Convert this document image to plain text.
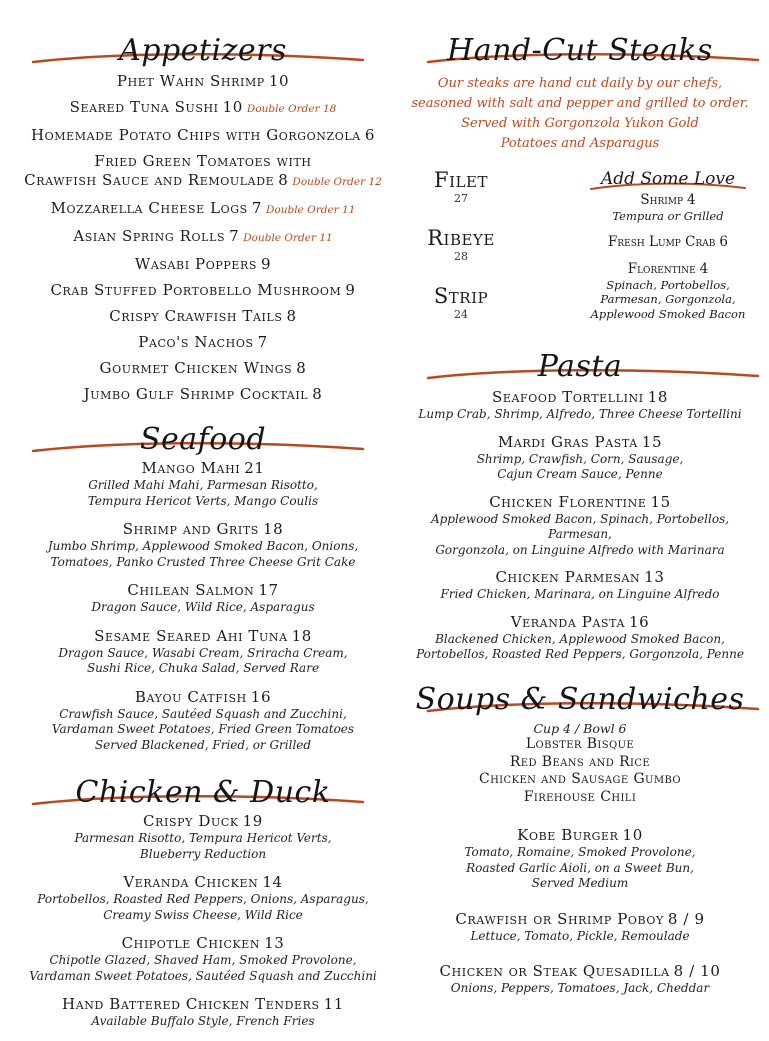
Appetizers
Phet Wahn Shrimp 10
Seared Tuna Sushi 10 Double Order 18
Homemade Potato Chips with Gorgonzola 6
Fried Green Tomatoes with
Crawfish Sauce and Remoulade 8 Double Order 12
Mozzarella Cheese Logs 7 Double Order 11
Asian Spring Rolls 7 Double Order 11
Wasabi Poppers 9
Crab Stuffed Portobello Mushroom 9
Crispy Crawfish Tails 8
Paco's Nachos 7
Gourmet Chicken Wings 8
Jumbo Gulf Shrimp Cocktail 8
Seafood
Mango Mahi 21
Grilled Mahi Mahi, Parmesan Risotto,
Tempura Hericot Verts, Mango Coulis
Shrimp and Grits 18
Jumbo Shrimp, Applewood Smoked Bacon, Onions,
Tomatoes, Panko Crusted Three Cheese Grit Cake
Chilean Salmon 17
Dragon Sauce, Wild Rice, Asparagus
Sesame Seared Ahi Tuna 18
Dragon Sauce, Wasabi Cream, Sriracha Cream,
Sushi Rice, Chuka Salad, Served Rare
Bayou Catfish 16
Crawfish Sauce, Sautéed Squash and Zucchini,
Vardaman Sweet Potatoes, Fried Green Tomatoes
Served Blackened, Fried, or Grilled
Chicken & Duck
Crispy Duck 19
Parmesan Risotto, Tempura Hericot Verts,
Blueberry Reduction
Veranda Chicken 14
Portobellos, Roasted Red Peppers, Onions, Asparagus,
Creamy Swiss Cheese, Wild Rice
Chipotle Chicken 13
Chipotle Glazed, Shaved Ham, Smoked Provolone,
Vardaman Sweet Potatoes, Sautéed Squash and Zucchini
Hand Battered Chicken Tenders 11
Available Buffalo Style, French Fries
Hand-Cut Steaks
Our steaks are hand cut daily by our chefs,
seasoned with salt and pepper and grilled to order.
Served with Gorgonzola Yukon Gold
Potatoes and Asparagus
Filet
27
Ribeye
28
Strip
24
Add Some Love
Shrimp 4
Tempura or Grilled
Fresh Lump Crab 6
Florentine 4
Spinach, Portobellos,
Parmesan, Gorgonzola,
Applewood Smoked Bacon
Pasta
Seafood Tortellini 18
Lump Crab, Shrimp, Alfredo, Three Cheese Tortellini
Mardi Gras Pasta 15
Shrimp, Crawfish, Corn, Sausage,
Cajun Cream Sauce, Penne
Chicken Florentine 15
Applewood Smoked Bacon, Spinach, Portobellos, Parmesan,
Gorgonzola, on Linguine Alfredo with Marinara
Chicken Parmesan 13
Fried Chicken, Marinara, on Linguine Alfredo
Veranda Pasta 16
Blackened Chicken, Applewood Smoked Bacon,
Portobellos, Roasted Red Peppers, Gorgonzola, Penne
Soups & Sandwiches
Cup 4 / Bowl 6
Lobster Bisque
Red Beans and Rice
Chicken and Sausage Gumbo
Firehouse Chili
Kobe Burger 10
Tomato, Romaine, Smoked Provolone,
Roasted Garlic Aioli, on a Sweet Bun,
Served Medium
Crawfish or Shrimp Poboy 8 / 9
Lettuce, Tomato, Pickle, Remoulade
Chicken or Steak Quesadilla 8 / 10
Onions, Peppers, Tomatoes, Jack, Cheddar
